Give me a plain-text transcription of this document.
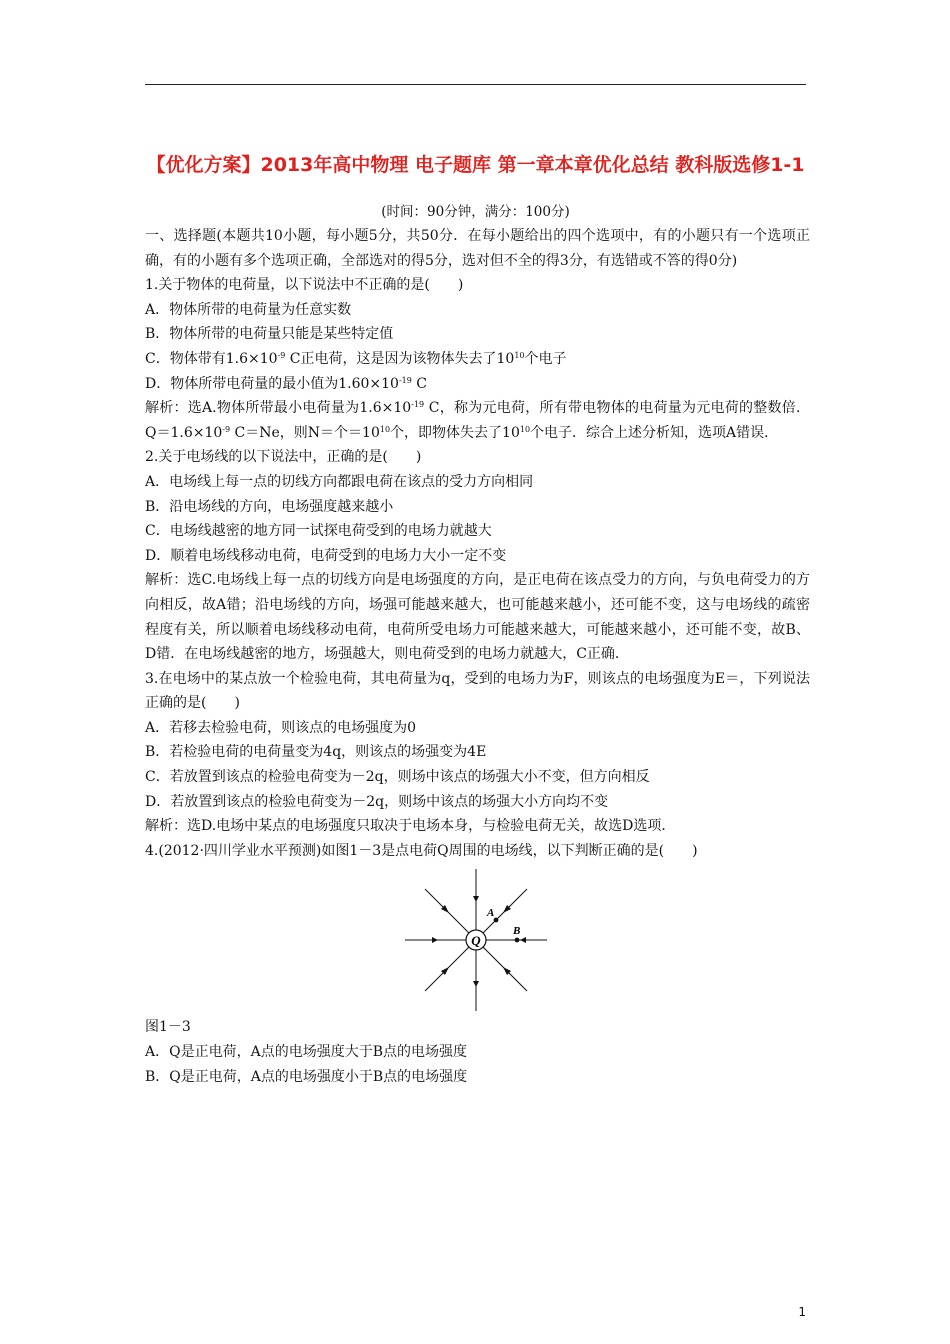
【优化方案】2013年高中物理 电子题库 第一章本章优化总结 教科版选修1-1
(时间：90分钟，满分：100分)

一、选择题(本题共10小题，每小题5分，共50分．在每小题给出的四个选项中，有的小题只有一个选项正确，有的小题有多个选项正确，全部选对的得5分，选对但不全的得3分，有选错或不答的得0分)

1.关于物体的电荷量，以下说法中不正确的是(　　)

A．物体所带的电荷量为任意实数

B．物体所带的电荷量只能是某些特定值

C．物体带有$1.6\times 10^{-9}$ C正电荷，这是因为该物体失去了$10^{10}$个电子

D．物体所带电荷量的最小值为$1.60\times 10^{-19}$ C

解析：选A.物体所带最小电荷量为$1.6\times 10^{-19}$ C，称为元电荷，所有带电物体的电荷量为元电荷的整数倍．$Q=1.6\times 10^{-9}$ C＝Ne，则N＝个$=10^{10}$个，即物体失去了$10^{10}$个电子．综合上述分析知，选项A错误．

2.关于电场线的以下说法中，正确的是(　　)

A．电场线上每一点的切线方向都跟电荷在该点的受力方向相同

B．沿电场线的方向，电场强度越来越小

C．电场线越密的地方同一试探电荷受到的电场力就越大

D．顺着电场线移动电荷，电荷受到的电场力大小一定不变

解析：选C.电场线上每一点的切线方向是电场强度的方向，是正电荷在该点受力的方向，与负电荷受力的方向相反，故A错；沿电场线的方向，场强可能越来越大，也可能越来越小，还可能不变，这与电场线的疏密程度有关，所以顺着电场线移动电荷，电荷所受电场力可能越来越大，可能越来越小，还可能不变，故B、D错．在电场线越密的地方，场强越大，则电荷受到的电场力就越大，C正确．

3.在电场中的某点放一个检验电荷，其电荷量为q，受到的电场力为F，则该点的电场强度为E＝，下列说法正确的是(　　)

A．若移去检验电荷，则该点的电场强度为0

B．若检验电荷的电荷量变为4q，则该点的场强变为4E

C．若放置到该点的检验电荷变为－2q，则场中该点的场强大小不变，但方向相反

D．若放置到该点的检验电荷变为－2q，则场中该点的场强大小方向均不变

解析：选D.电场中某点的电场强度只取决于电场本身，与检验电荷无关，故选D选项．

4.(2012·四川学业水平预测)如图1－3是点电荷Q周围的电场线，以下判断正确的是(　　)

Q
A
B

图1－3

A．Q是正电荷，A点的电场强度大于B点的电场强度

B．Q是正电荷，A点的电场强度小于B点的电场强度

1
